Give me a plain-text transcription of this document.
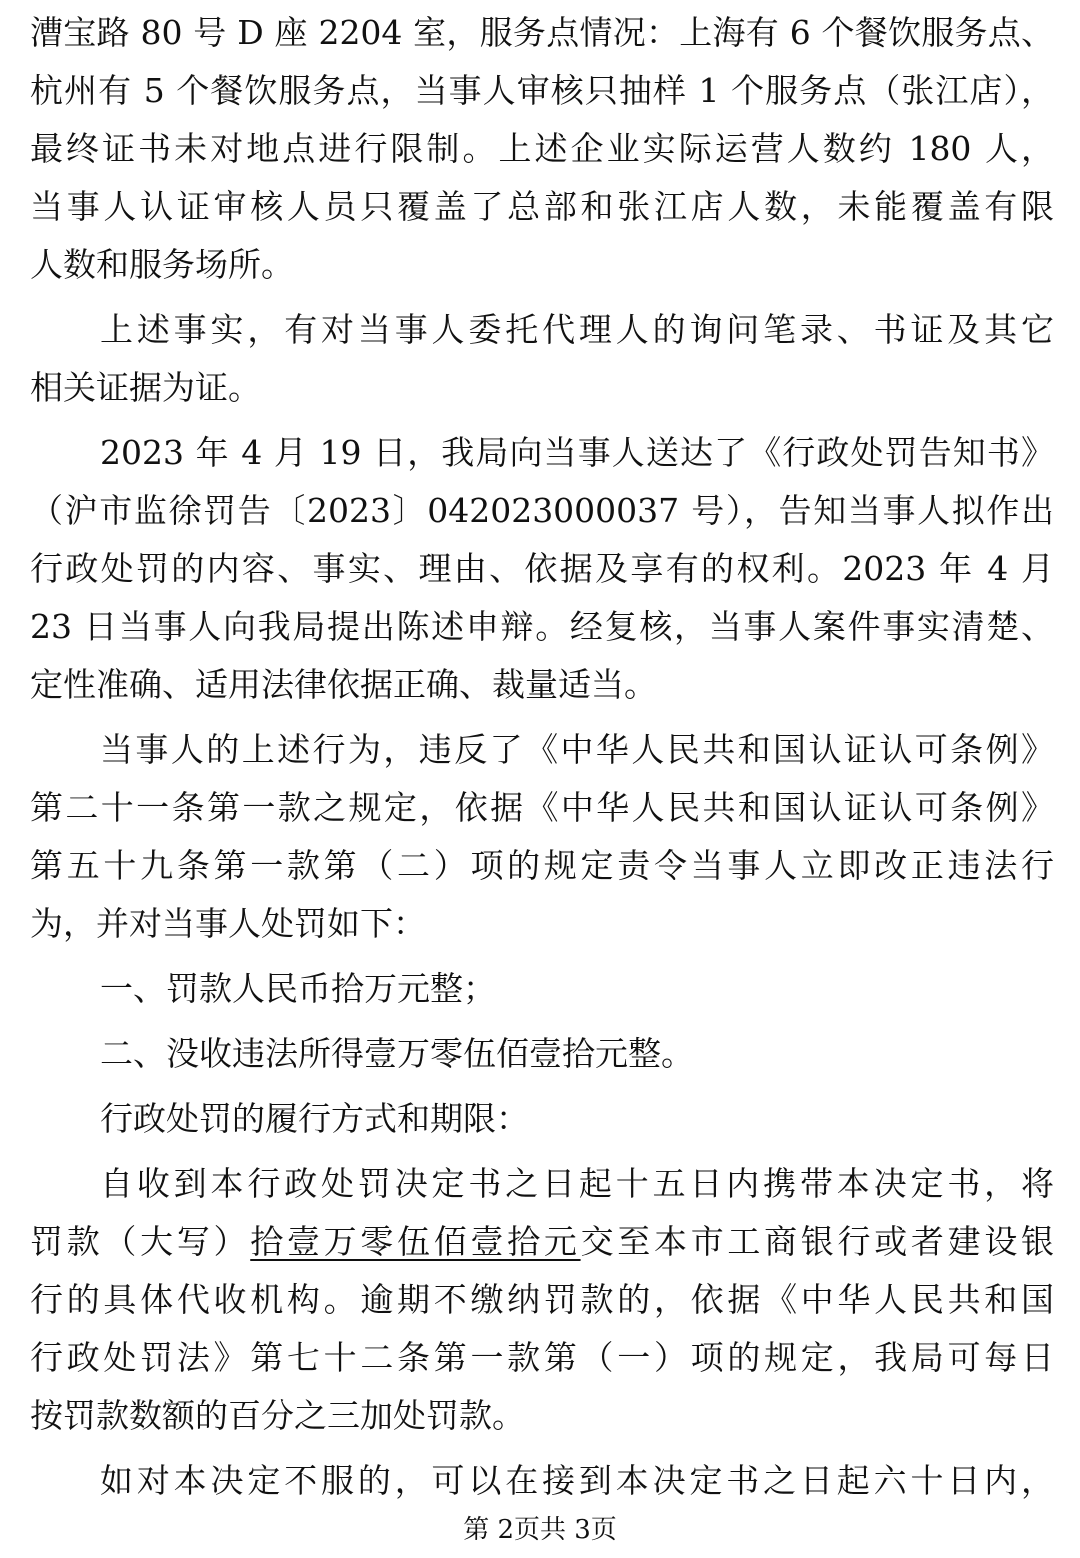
漕宝路 80 号 D 座 2204 室，服务点情况：上海有 6 个餐饮服务点、
杭州有 5 个餐饮服务点，当事人审核只抽样 1 个服务点（张江店），
最终证书未对地点进行限制。上述企业实际运营人数约 180 人，
当事人认证审核人员只覆盖了总部和张江店人数，未能覆盖有限
人数和服务场所。
上述事实，有对当事人委托代理人的询问笔录、书证及其它
相关证据为证。
2023 年 4 月 19 日，我局向当事人送达了《行政处罚告知书》
（沪市监徐罚告〔2023〕042023000037 号），告知当事人拟作出
行政处罚的内容、事实、理由、依据及享有的权利。2023 年 4 月
23 日当事人向我局提出陈述申辩。经复核，当事人案件事实清楚、
定性准确、适用法律依据正确、裁量适当。
当事人的上述行为，违反了《中华人民共和国认证认可条例》
第二十一条第一款之规定，依据《中华人民共和国认证认可条例》
第五十九条第一款第（二）项的规定责令当事人立即改正违法行
为，并对当事人处罚如下：
一、罚款人民币拾万元整；
二、没收违法所得壹万零伍佰壹拾元整。
行政处罚的履行方式和期限：
自收到本行政处罚决定书之日起十五日内携带本决定书，将
罚款（大写）拾壹万零伍佰壹拾元交至本市工商银行或者建设银
行的具体代收机构。逾期不缴纳罚款的，依据《中华人民共和国
行政处罚法》第七十二条第一款第（一）项的规定，我局可每日
按罚款数额的百分之三加处罚款。
如对本决定不服的，可以在接到本决定书之日起六十日内，
第 2页共 3页
